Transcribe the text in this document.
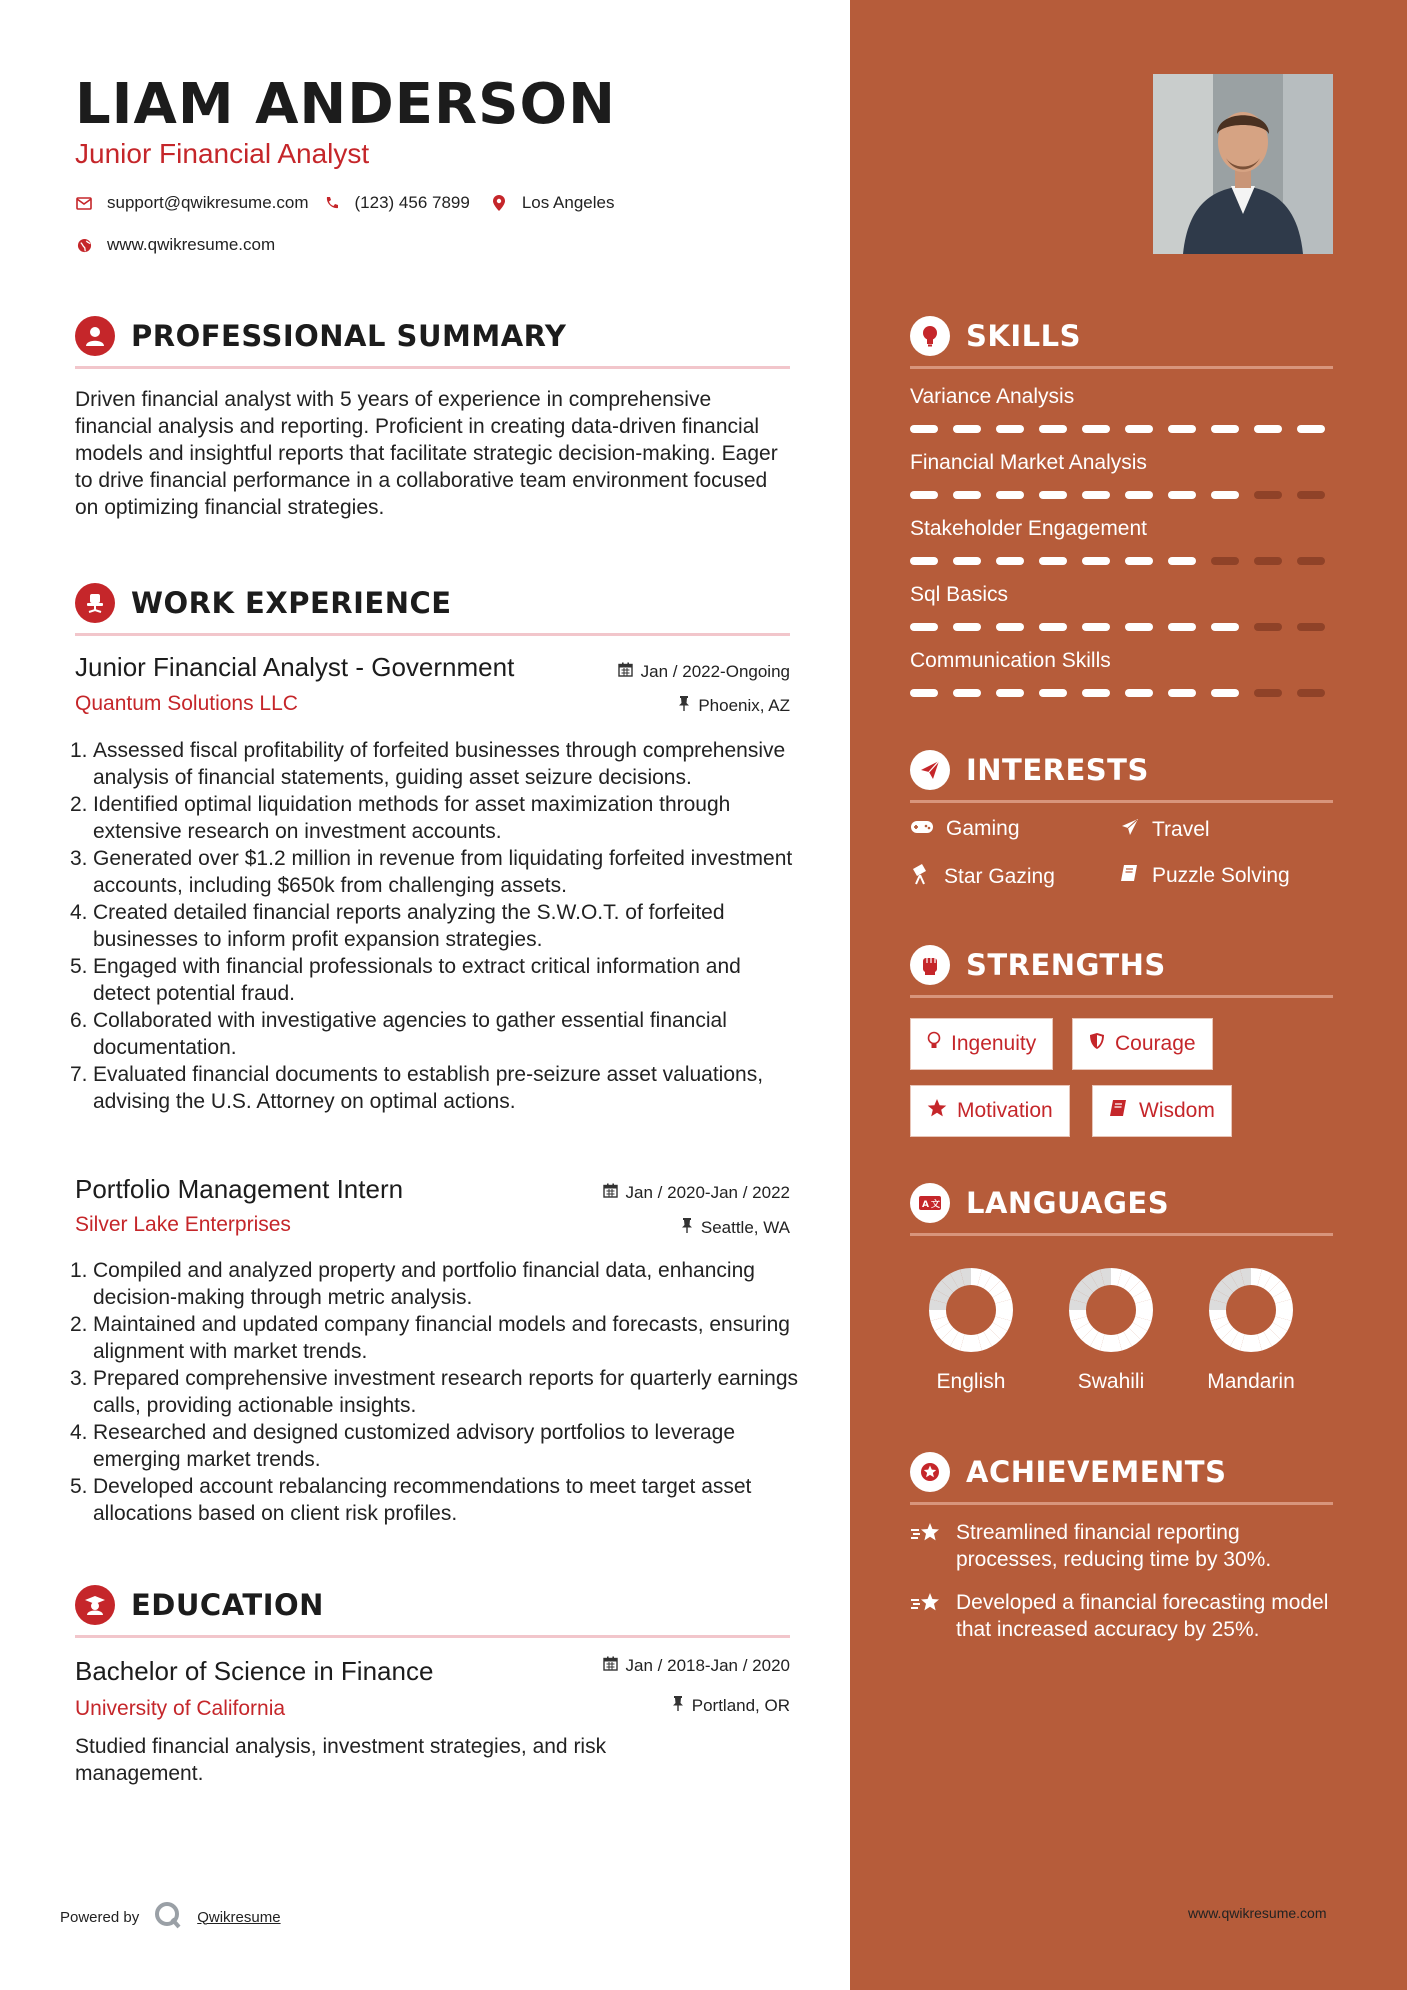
LIAM ANDERSON
Junior Financial Analyst
support@qwikresume.com	(123) 456 7899	Los Angeles
www.qwikresume.com
PROFESSIONAL SUMMARY
Driven financial analyst with 5 years of experience in comprehensive financial analysis and reporting. Proficient in creating data-driven financial models and insightful reports that facilitate strategic decision-making. Eager to drive financial performance in a collaborative team environment focused on optimizing financial strategies.
WORK EXPERIENCE
Junior Financial Analyst - Government	Jan / 2022-Ongoing
Quantum Solutions LLC	Phoenix, AZ
1. Assessed fiscal profitability of forfeited businesses through comprehensive analysis of financial statements, guiding asset seizure decisions.
2. Identified optimal liquidation methods for asset maximization through extensive research on investment accounts.
3. Generated over $1.2 million in revenue from liquidating forfeited investment accounts, including $650k from challenging assets.
4. Created detailed financial reports analyzing the S.W.O.T. of forfeited businesses to inform profit expansion strategies.
5. Engaged with financial professionals to extract critical information and detect potential fraud.
6. Collaborated with investigative agencies to gather essential financial documentation.
7. Evaluated financial documents to establish pre-seizure asset valuations, advising the U.S. Attorney on optimal actions.
Portfolio Management Intern	Jan / 2020-Jan / 2022
Silver Lake Enterprises	Seattle, WA
1. Compiled and analyzed property and portfolio financial data, enhancing decision-making through metric analysis.
2. Maintained and updated company financial models and forecasts, ensuring alignment with market trends.
3. Prepared comprehensive investment research reports for quarterly earnings calls, providing actionable insights.
4. Researched and designed customized advisory portfolios to leverage emerging market trends.
5. Developed account rebalancing recommendations to meet target asset allocations based on client risk profiles.
EDUCATION
Bachelor of Science in Finance	Jan / 2018-Jan / 2020
University of California	Portland, OR
Studied financial analysis, investment strategies, and risk management.
Powered by	Qwikresume	www.qwikresume.com
SKILLS
Variance Analysis
Financial Market Analysis
Stakeholder Engagement
Sql Basics
Communication Skills
INTERESTS
Gaming	Travel
Star Gazing	Puzzle Solving
STRENGTHS
Ingenuity	Courage
Motivation	Wisdom
A 文 LANGUAGES
English	Swahili	Mandarin
ACHIEVEMENTS
Streamlined financial reporting processes, reducing time by 30%.
Developed a financial forecasting model that increased accuracy by 25%.
